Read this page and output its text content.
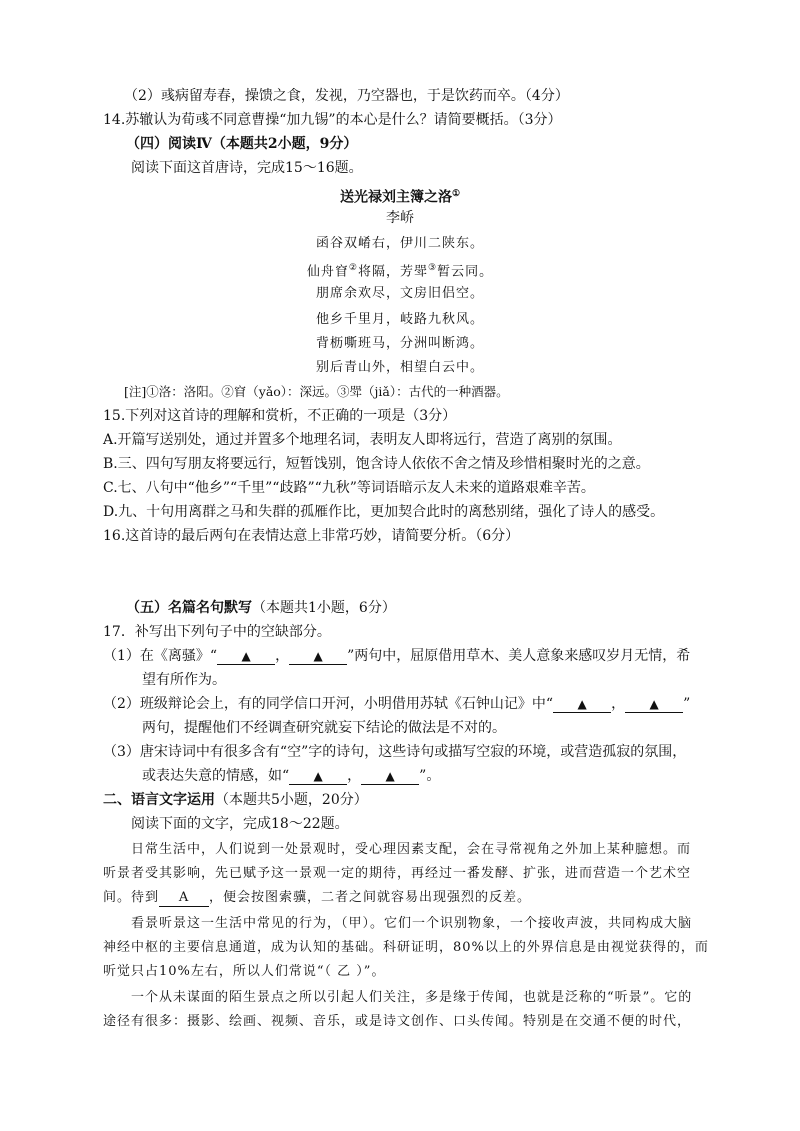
（2）彧病留寿春，操馈之食，发视，乃空器也，于是饮药而卒。（4分）
14.苏辙认为荀彧不同意曹操“加九锡”的本心是什么？请简要概括。（3分）
（四）阅读Ⅳ（本题共2小题，9分）
阅读下面这首唐诗，完成15～16题。
送光禄刘主簿之洛①
李峤
函谷双崤右，伊川二陕东。
仙舟窅②将隔，芳斝③暂云同。
朋席余欢尽，文房旧侣空。
他乡千里月，岐路九秋风。
背枥嘶班马，分洲叫断鸿。
别后青山外，相望白云中。
[注]①洛：洛阳。②窅（yǎo）：深远。③斝（jiǎ）：古代的一种酒器。
15.下列对这首诗的理解和赏析，不正确的一项是（3分）
A.开篇写送别处，通过并置多个地理名词，表明友人即将远行，营造了离别的氛围。
B.三、四句写朋友将要远行，短暂饯别，饱含诗人依依不舍之情及珍惜相聚时光的之意。
C.七、八句中“他乡”“千里”“歧路”“九秋”等词语暗示友人未来的道路艰难辛苦。
D.九、十句用离群之马和失群的孤雁作比，更加契合此时的离愁别绪，强化了诗人的感受。
16.这首诗的最后两句在表情达意上非常巧妙，请简要分析。（6分）
（五）名篇名句默写（本题共1小题，6分）
17．补写出下列句子中的空缺部分。
（1）在《离骚》“ ▲ ， ▲ ”两句中，屈原借用草木、美人意象来感叹岁月无情，希
望有所作为。
（2）班级辩论会上，有的同学信口开河，小明借用苏轼《石钟山记》中“ ▲ ， ▲ ”
两句，提醒他们不经调查研究就妄下结论的做法是不对的。
（3）唐宋诗词中有很多含有“空”字的诗句，这些诗句或描写空寂的环境，或营造孤寂的氛围，
或表达失意的情感，如“ ▲ ， ▲ ”。
二、语言文字运用（本题共5小题，20分）
阅读下面的文字，完成18～22题。
日常生活中，人们说到一处景观时，受心理因素支配，会在寻常视角之外加上某种臆想。而
听景者受其影响，先已赋予这一景观一定的期待，再经过一番发酵、扩张，进而营造一个艺术空
间。待到 A ，便会按图索骥，二者之间就容易出现强烈的反差。
看景听景这一生活中常见的行为，（甲）。它们一个识别物象，一个接收声波，共同构成大脑
神经中枢的主要信息通道，成为认知的基础。科研证明，80%以上的外界信息是由视觉获得的，而
听觉只占10%左右，所以人们常说“（ 乙 ）”。
一个从未谋面的陌生景点之所以引起人们关注，多是缘于传闻，也就是泛称的“听景”。它的
途径有很多：摄影、绘画、视频、音乐，或是诗文创作、口头传闻。特别是在交通不便的时代，
